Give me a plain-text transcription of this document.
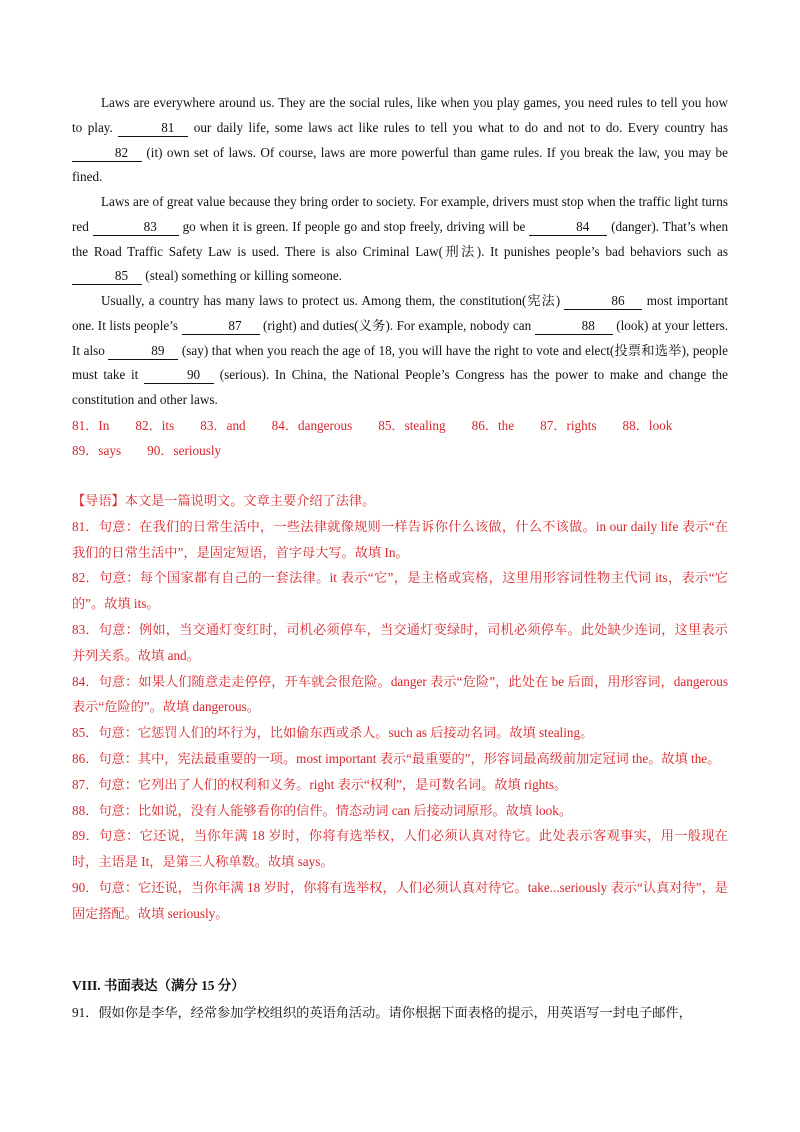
Laws are everywhere around us. They are the social rules, like when you play games, you need rules to tell you how to play.	81 our daily life, some laws act like rules to tell you what to do and not to do. Every country has 82 (it) own set of laws. Of course, laws are more powerful than game rules. If you break the law, you may be fined.

Laws are of great value because they bring order to society. For example, drivers must stop when the traffic light turns red	83 go when it is green. If people go and stop freely, driving will be	84 (danger). That’s when the Road Traffic Safety Law is used. There is also Criminal Law(刑法). It punishes people’s bad behaviors such as 85 (steal) something or killing someone.

Usually, a country has many laws to protect us. Among them, the constitution(宪法)	86 most important one. It lists people’s	87 (right) and duties(义务). For example, nobody can	88 (look) at your letters. It also	89 (say) that when you reach the age of 18, you will have the right to vote and elect(投票和选举), people must take it	90 (serious). In China, the National People’s Congress has the power to make and change the constitution and other laws.

81．In 82．its 83．and 84．dangerous 85．stealing 86．the 87．rights 88．look
89．says 90．seriously

【导语】本文是一篇说明文。文章主要介绍了法律。

81．句意：在我们的日常生活中，一些法律就像规则一样告诉你什么该做，什么不该做。in our daily life 表示“在我们的日常生活中”，是固定短语，首字母大写。故填 In。

82．句意：每个国家都有自己的一套法律。it 表示“它”，是主格或宾格，这里用形容词性物主代词 its，表示“它的”。故填 its。

83．句意：例如，当交通灯变红时，司机必须停车，当交通灯变绿时，司机必须停车。此处缺少连词，这里表示并列关系。故填 and。

84．句意：如果人们随意走走停停，开车就会很危险。danger 表示“危险”，此处在 be 后面，用形容词，dangerous 表示“危险的”。故填 dangerous。

85．句意：它惩罚人们的坏行为，比如偷东西或杀人。such as 后接动名词。故填 stealing。

86．句意：其中，宪法最重要的一项。most important 表示“最重要的”，形容词最高级前加定冠词 the。故填 the。

87．句意：它列出了人们的权利和义务。right 表示“权利”，是可数名词。故填 rights。

88．句意：比如说，没有人能够看你的信件。情态动词 can 后接动词原形。故填 look。

89．句意：它还说，当你年满 18 岁时，你将有选举权，人们必须认真对待它。此处表示客观事实，用一般现在时，主语是 It，是第三人称单数。故填 says。

90．句意：它还说，当你年满 18 岁时，你将有选举权，人们必须认真对待它。take...seriously 表示“认真对待”，是固定搭配。故填 seriously。

VIII. 书面表达（满分 15 分）
91．假如你是李华，经常参加学校组织的英语角活动。请你根据下面表格的提示，用英语写一封电子邮件，
